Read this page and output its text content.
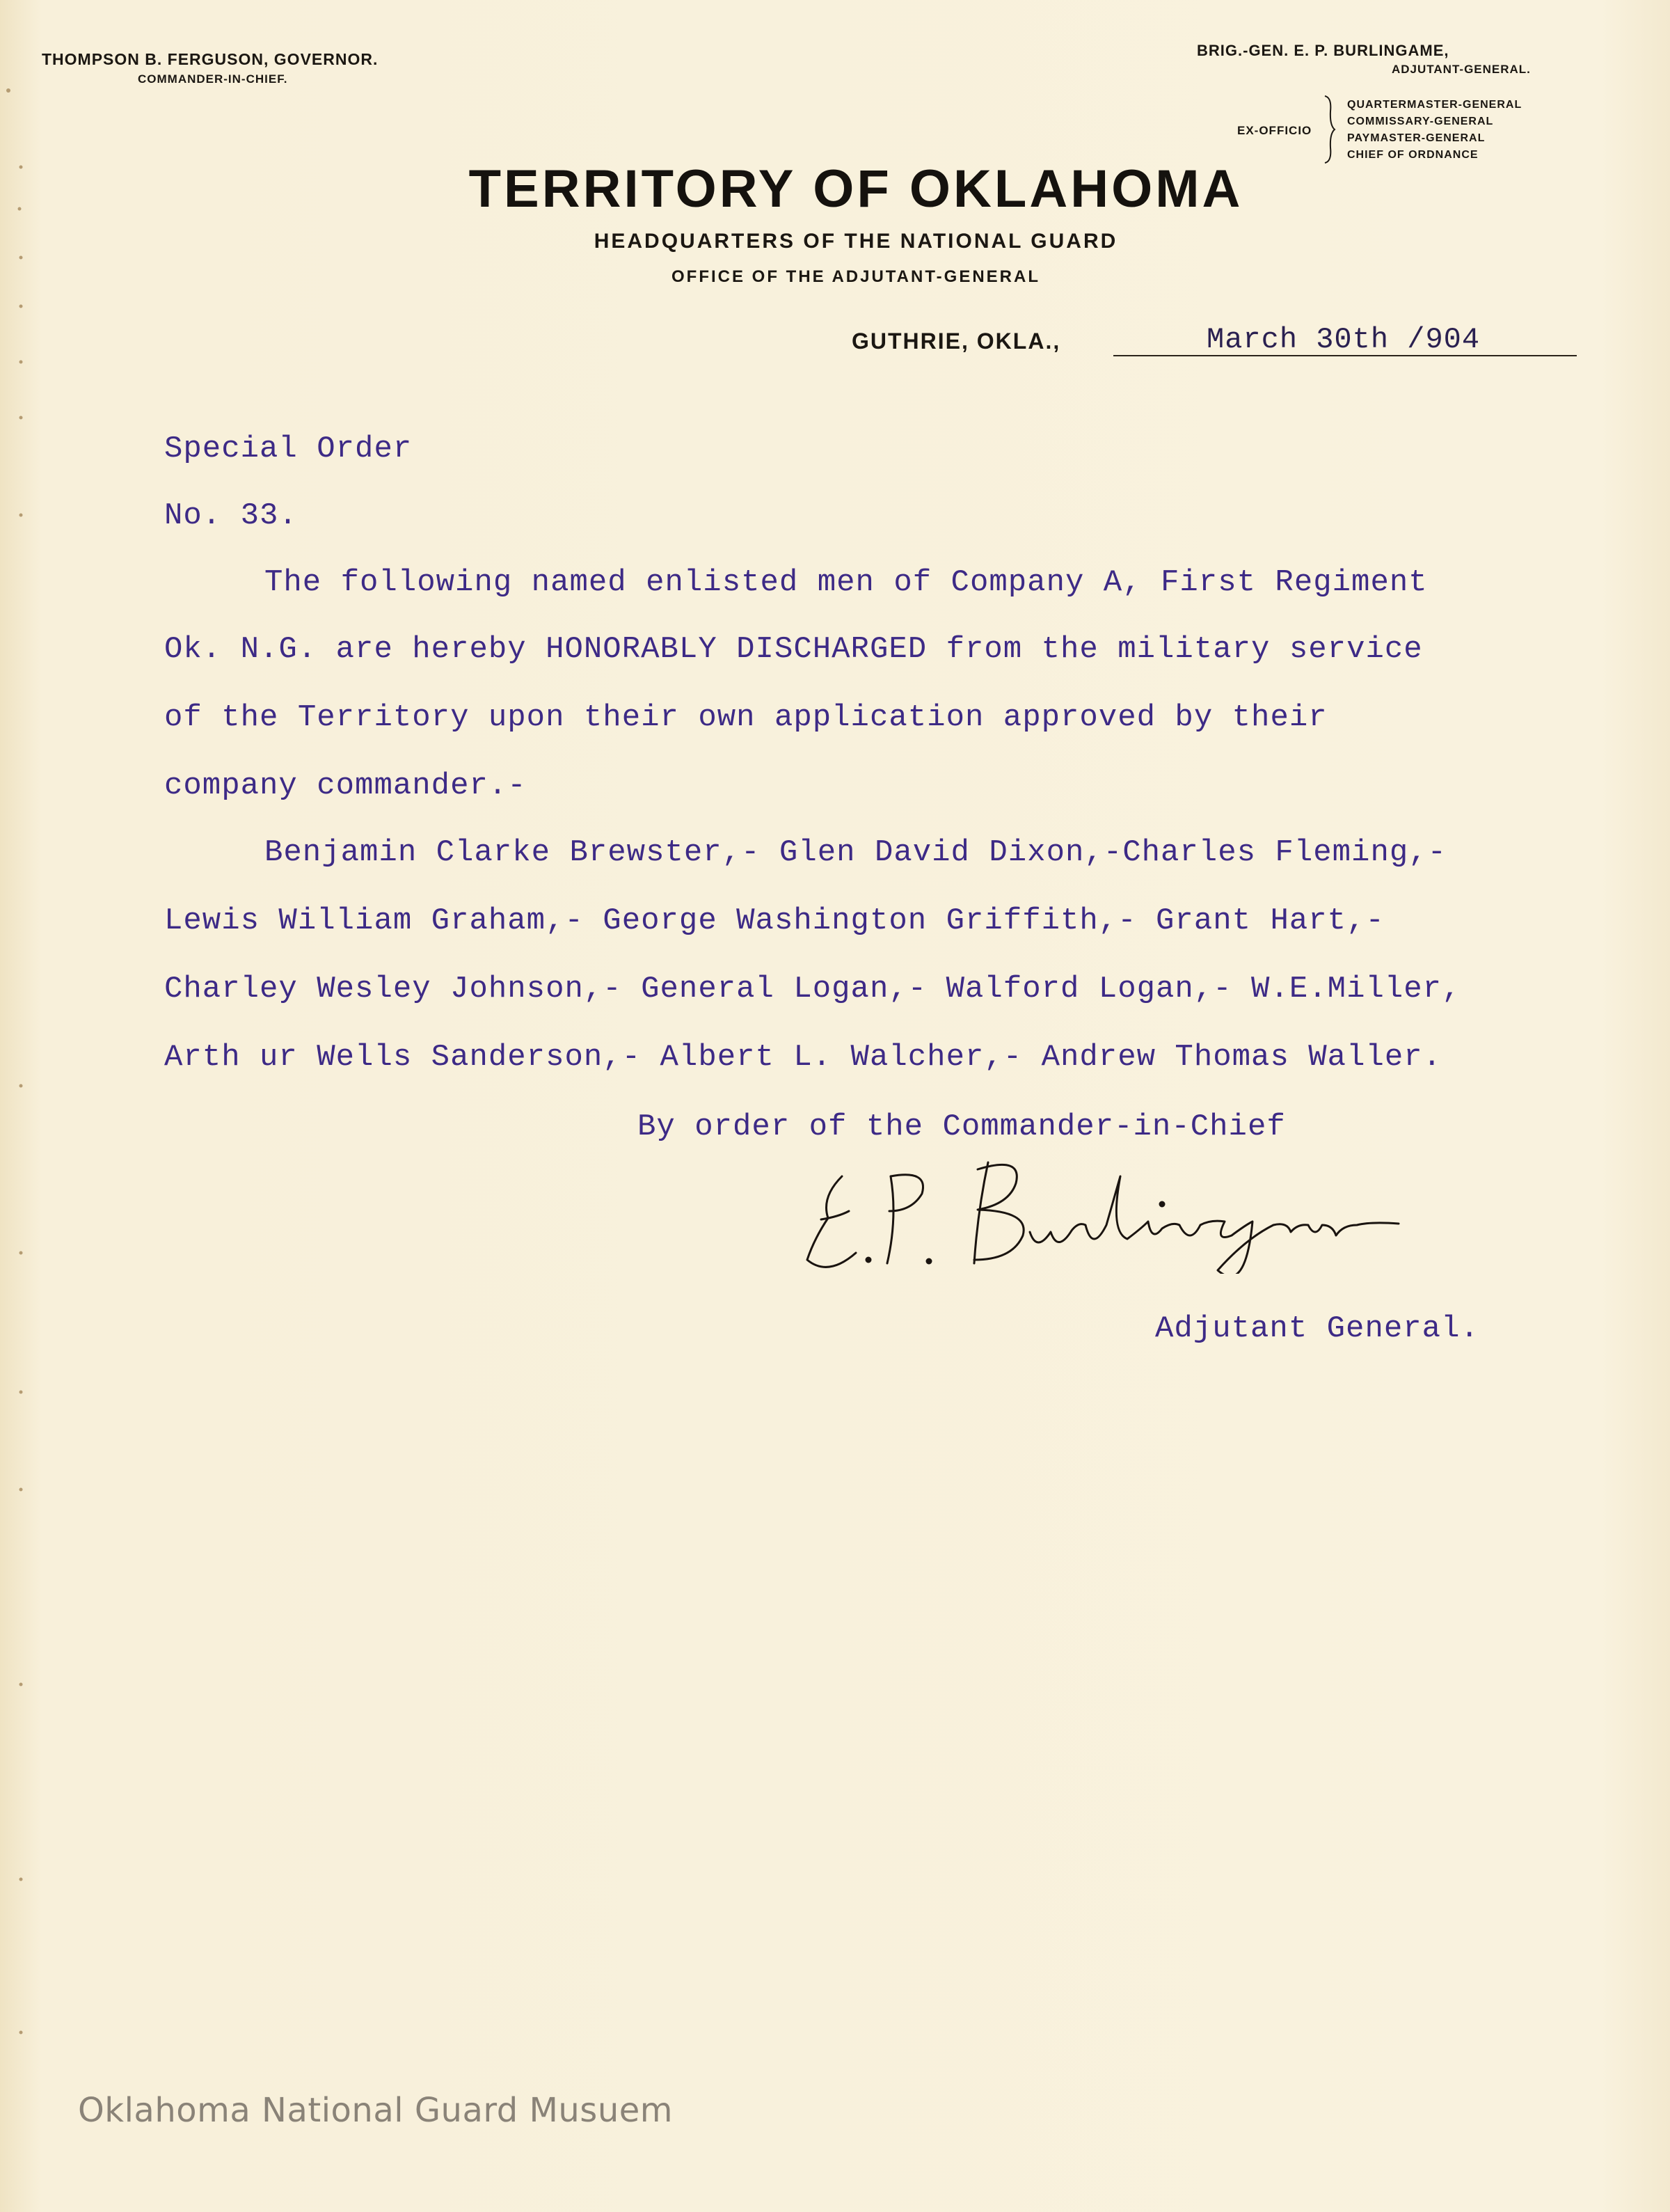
THOMPSON B. FERGUSON, GOVERNOR.
COMMANDER-IN-CHIEF.
BRIG.-GEN. E. P. BURLINGAME,
ADJUTANT-GENERAL.
EX-OFFICIO
QUARTERMASTER-GENERAL
COMMISSARY-GENERAL
PAYMASTER-GENERAL
CHIEF OF ORDNANCE
TERRITORY OF OKLAHOMA
HEADQUARTERS OF THE NATIONAL GUARD
OFFICE OF THE ADJUTANT-GENERAL
GUTHRIE, OKLA.,	March 30th /904
Special Order
No. 33.
The following named enlisted men of Company A, First Regiment
Ok. N.G. are hereby HONORABLY DISCHARGED from the military service
of the Territory upon their own application approved by their
company commander.-
Benjamin Clarke Brewster,- Glen David Dixon,-Charles Fleming,-
Lewis William Graham,- George Washington Griffith,- Grant Hart,-
Charley Wesley Johnson,- General Logan,- Walford Logan,- W.E.Miller,
Arth ur Wells Sanderson,- Albert L. Walcher,- Andrew Thomas Waller.
By order of the Commander-in-Chief
Adjutant General.
Oklahoma National Guard Musuem
